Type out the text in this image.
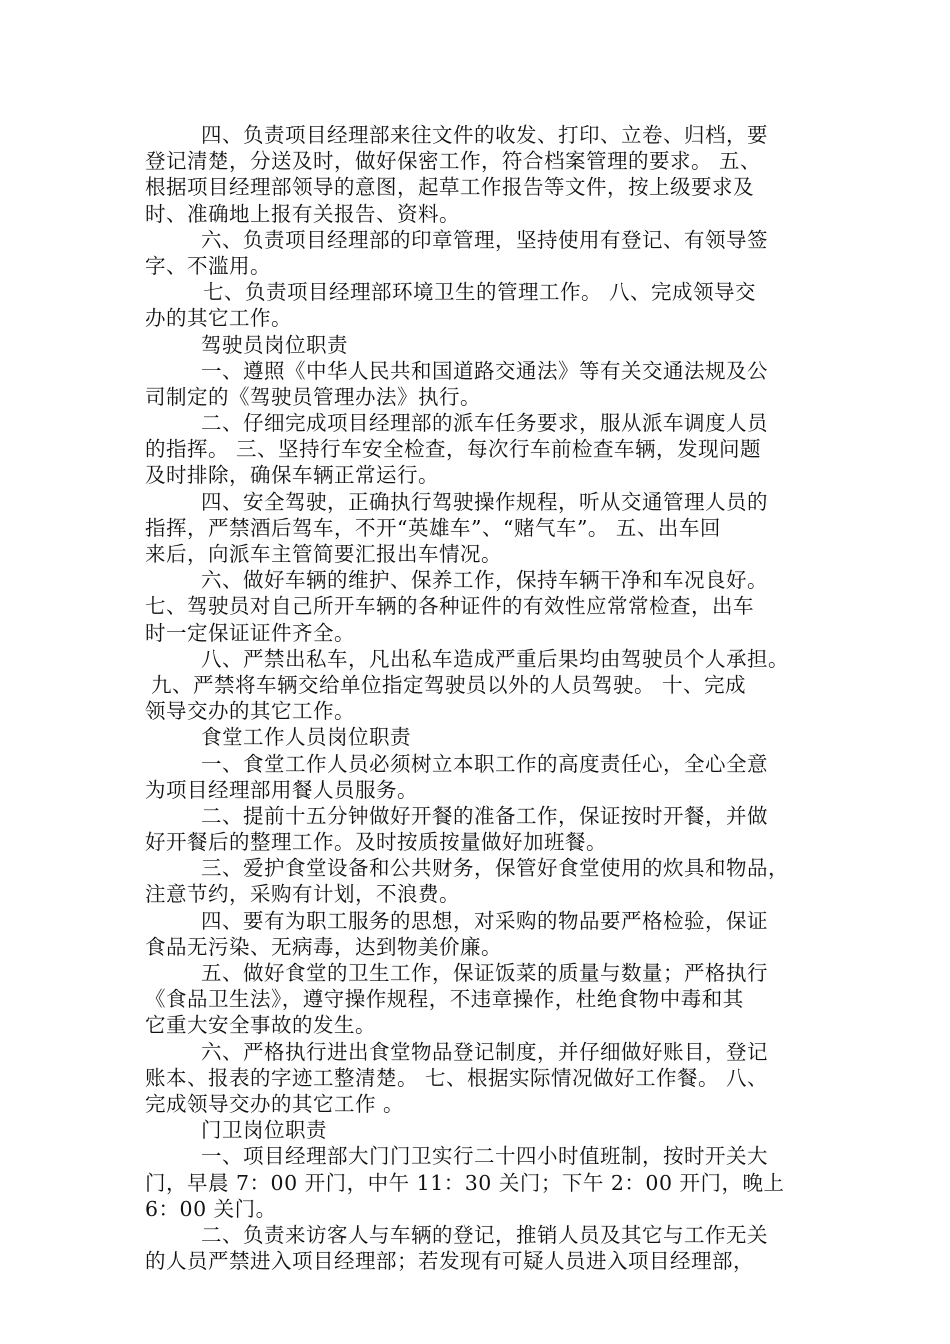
四、负责项目经理部来往文件的收发、打印、立卷、归档，要
登记清楚，分送及时，做好保密工作，符合档案管理的要求。 五、
根据项目经理部领导的意图，起草工作报告等文件，按上级要求及
时、准确地上报有关报告、资料。
六、负责项目经理部的印章管理，坚持使用有登记、有领导签
字、不滥用。
七、负责项目经理部环境卫生的管理工作。 八、完成领导交
办的其它工作。
驾驶员岗位职责
一、遵照《中华人民共和国道路交通法》等有关交通法规及公
司制定的《驾驶员管理办法》执行。
二、仔细完成项目经理部的派车任务要求，服从派车调度人员
的指挥。 三、坚持行车安全检查，每次行车前检查车辆，发现问题
及时排除，确保车辆正常运行。
四、安全驾驶，正确执行驾驶操作规程，听从交通管理人员的
指挥，严禁酒后驾车，不开“英雄车”、“赌气车”。 五、出车回
来后，向派车主管简要汇报出车情况。
六、做好车辆的维护、保养工作，保持车辆干净和车况良好。
七、驾驶员对自己所开车辆的各种证件的有效性应常常检查，出车
时一定保证证件齐全。
八、严禁出私车，凡出私车造成严重后果均由驾驶员个人承担。
九、严禁将车辆交给单位指定驾驶员以外的人员驾驶。 十、完成
领导交办的其它工作。
食堂工作人员岗位职责
一、食堂工作人员必须树立本职工作的高度责任心，全心全意
为项目经理部用餐人员服务。
二、提前十五分钟做好开餐的准备工作，保证按时开餐，并做
好开餐后的整理工作。及时按质按量做好加班餐。
三、爱护食堂设备和公共财务，保管好食堂使用的炊具和物品，
注意节约，采购有计划，不浪费。
四、要有为职工服务的思想，对采购的物品要严格检验，保证
食品无污染、无病毒，达到物美价廉。
五、做好食堂的卫生工作，保证饭菜的质量与数量；严格执行
《食品卫生法》，遵守操作规程，不违章操作，杜绝食物中毒和其
它重大安全事故的发生。
六、严格执行进出食堂物品登记制度，并仔细做好账目，登记
账本、报表的字迹工整清楚。 七、根据实际情况做好工作餐。 八、
完成领导交办的其它工作 。
门卫岗位职责
一、项目经理部大门门卫实行二十四小时值班制，按时开关大
门，早晨 7：00 开门，中午 11：30 关门；下午 2：00 开门，晚上
6：00 关门。
二、负责来访客人与车辆的登记，推销人员及其它与工作无关
的人员严禁进入项目经理部；若发现有可疑人员进入项目经理部，
